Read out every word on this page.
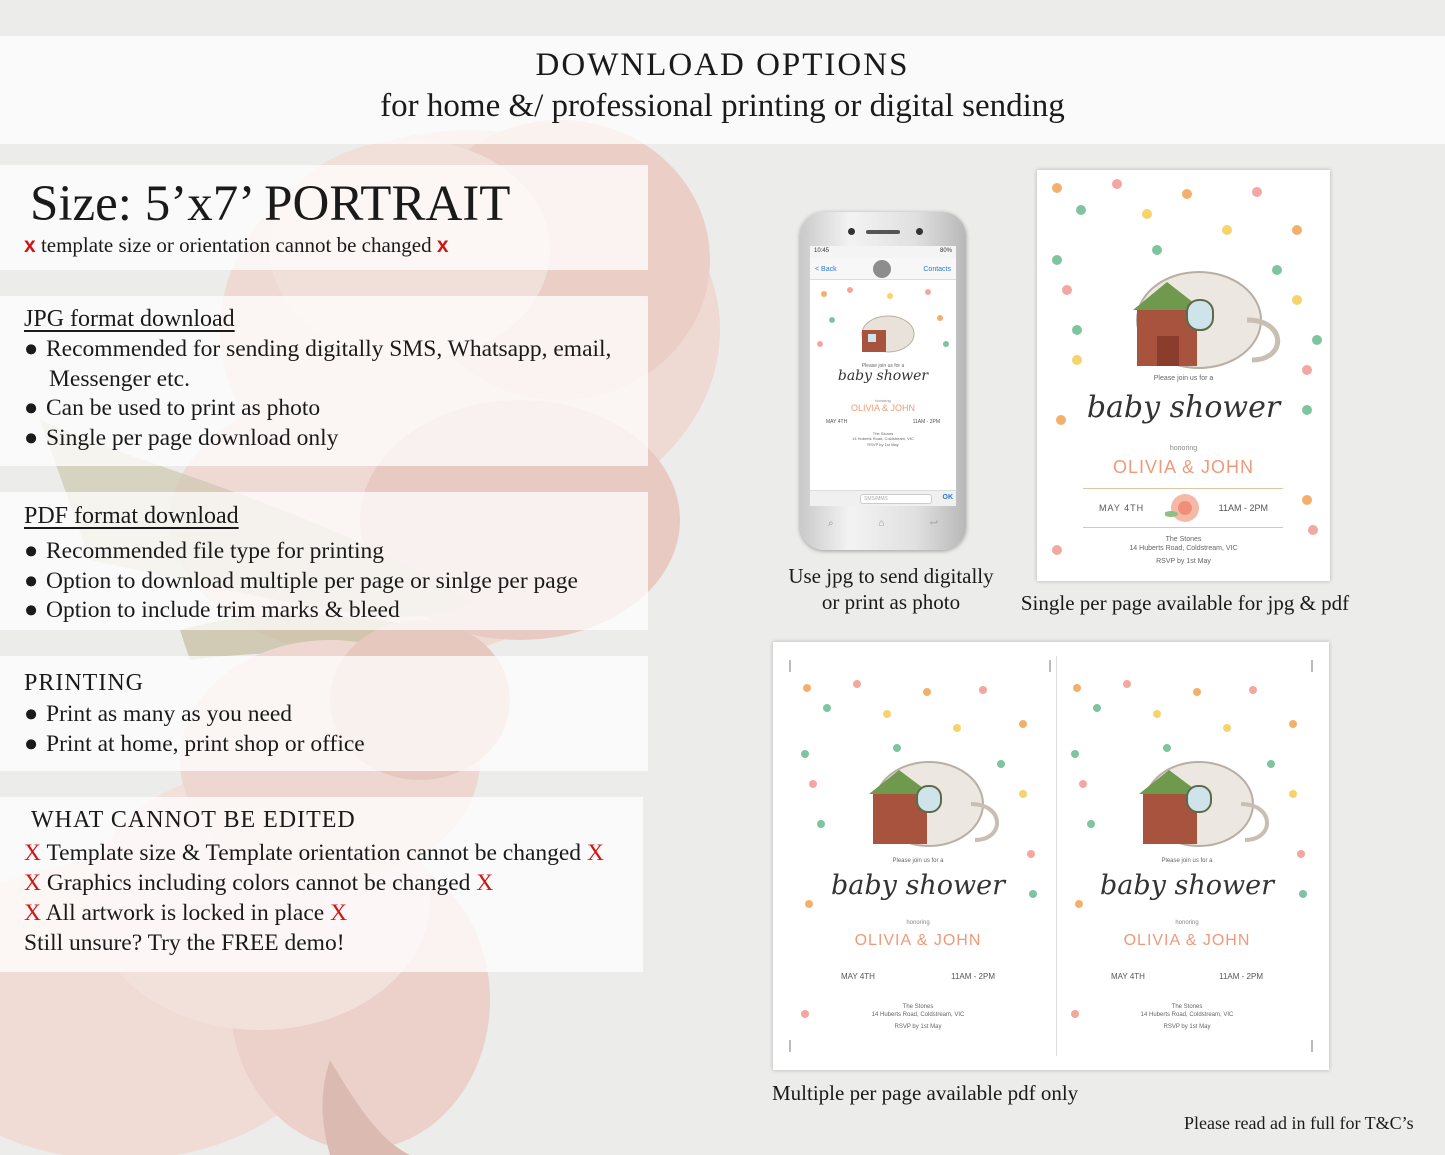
DOWNLOAD OPTIONS
for home &/ professional printing or digital sending
Size: 5’x7’ PORTRAIT
x template size or orientation cannot be changed x
JPG format download
● Recommended for sending digitally SMS, Whatsapp, email,
Messenger etc.
● Can be used to print as photo
● Single per page download only
PDF format download
● Recommended file type for printing
● Option to download multiple per page or sinlge per page
● Option to include trim marks & bleed
PRINTING
● Print as many as you need
● Print at home, print shop or office
WHAT CANNOT BE EDITED
X Template size & Template orientation cannot be changed X
X Graphics including colors cannot be changed X
X All artwork is locked in place X
Still unsure? Try the FREE demo!
10:45	80%
< Back	Contacts
Please join us for a
baby shower
honoring
OLIVIA & JOHN
MAY 4TH	11AM - 2PM
The Stones
14 Huberts Road, Coldstream, VIC
RSVP by 1st May
SMS/MMS	OK
⌕	⌂	↩
Use jpg to send digitally
or print as photo
Please join us for a
baby shower
honoring
OLIVIA & JOHN
MAY 4TH	11AM - 2PM
The Stones
14 Huberts Road, Coldstream, VIC
RSVP by 1st May
Single per page available for jpg & pdf
Please join us for a
baby shower
honoring
OLIVIA & JOHN
MAY 4TH	11AM - 2PM
The Stones
14 Huberts Road, Coldstream, VIC
RSVP by 1st May
Please join us for a
baby shower
honoring
OLIVIA & JOHN
MAY 4TH	11AM - 2PM
The Stones
14 Huberts Road, Coldstream, VIC
RSVP by 1st May
Multiple per page available pdf only
Please read ad in full for T&C’s
